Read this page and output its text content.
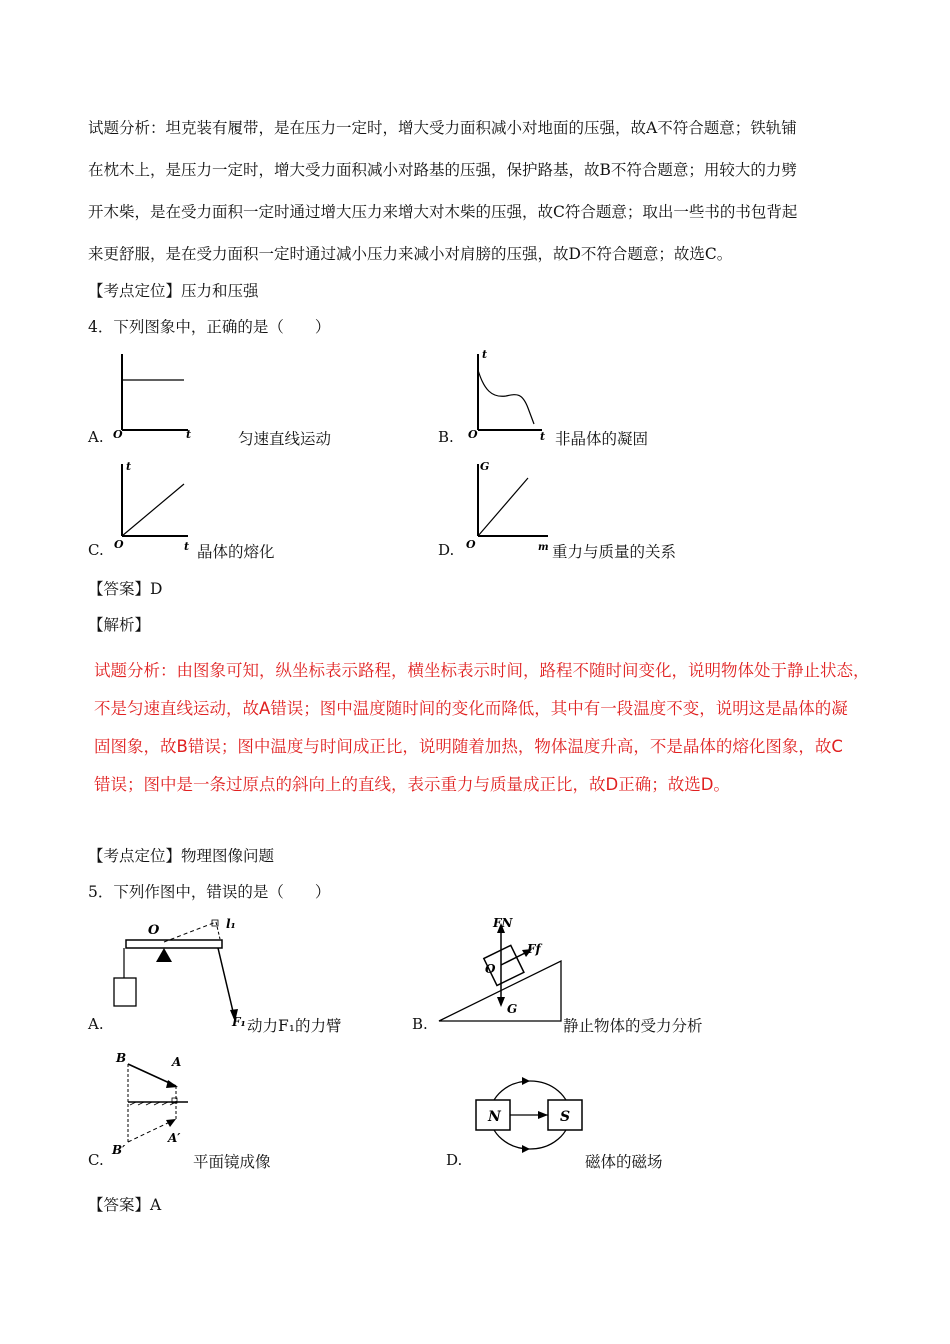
试题分析：坦克装有履带，是在压力一定时，增大受力面积减小对地面的压强，故A不符合题意；铁轨铺
在枕木上，是压力一定时，增大受力面积减小对路基的压强，保护路基，故B不符合题意；用较大的力劈
开木柴，是在受力面积一定时通过增大压力来增大对木柴的压强，故C符合题意；取出一些书的书包背起
来更舒服，是在受力面积一定时通过减小压力来减小对肩膀的压强，故D不符合题意；故选C。
【考点定位】压力和压强
4．下列图象中，正确的是（　　）
O	t
A.	匀速直线运动
t
O	t
B.	非晶体的凝固
t
O	t
C.	晶体的熔化
G
O	m
D.	重力与质量的关系
【答案】D
【解析】
试题分析：由图象可知，纵坐标表示路程，横坐标表示时间，路程不随时间变化，说明物体处于静止状态，
不是匀速直线运动，故A错误；图中温度随时间的变化而降低，其中有一段温度不变，说明这是晶体的凝
固图象，故B错误；图中温度与时间成正比，说明随着加热，物体温度升高，不是晶体的熔化图象，故C
错误；图中是一条过原点的斜向上的直线，表示重力与质量成正比，故D正确；故选D。
【考点定位】物理图像问题
5．下列作图中，错误的是（　　）
O	l₁
F₁
A.	动力F₁的力臂
FN
Ff
O
G
B.	静止物体的受力分析
B	A
B′
A′
C.	平面镜成像
N	S
D.	磁体的磁场
【答案】A
